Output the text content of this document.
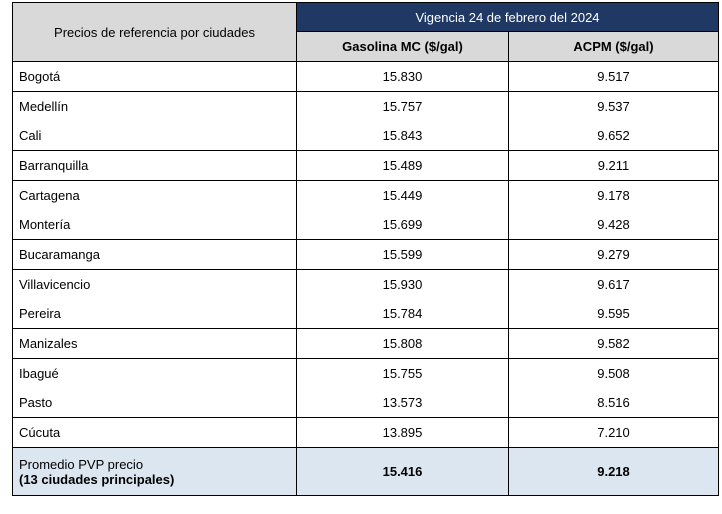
Precios de referencia por ciudades	Vigencia 24 de febrero del 2024	
	Gasolina MC ($/gal)	ACPM ($/gal)
Bogotá	15.830	9.517
Medellín	15.757	9.537
Cali	15.843	9.652
Barranquilla	15.489	9.211
Cartagena	15.449	9.178
Montería	15.699	9.428
Bucaramanga	15.599	9.279
Villavicencio	15.930	9.617
Pereira	15.784	9.595
Manizales	15.808	9.582
Ibagué	15.755	9.508
Pasto	13.573	8.516
Cúcuta	13.895	7.210

Promedio PVP precio
(13 ciudades principales)	15.416	9.218
